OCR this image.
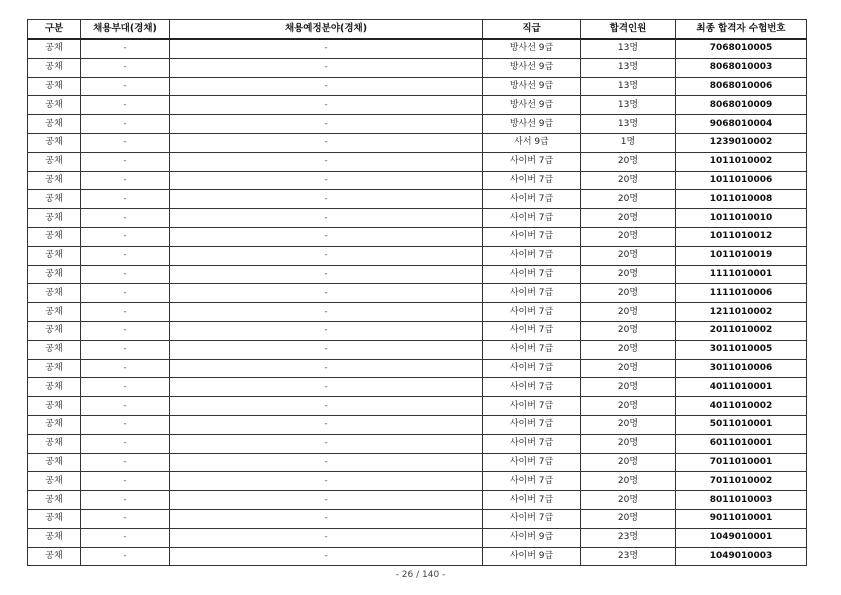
구분	채용부대(경채)	채용예정분야(경채)	직급	합격인원	최종 합격자 수험번호
공채	-	-	방사선 9급	13명	7068010005
공채	-	-	방사선 9급	13명	8068010003
공채	-	-	방사선 9급	13명	8068010006
공채	-	-	방사선 9급	13명	8068010009
공채	-	-	방사선 9급	13명	9068010004
공채	-	-	사서 9급	1명	1239010002
공채	-	-	사이버 7급	20명	1011010002
공채	-	-	사이버 7급	20명	1011010006
공채	-	-	사이버 7급	20명	1011010008
공채	-	-	사이버 7급	20명	1011010010
공채	-	-	사이버 7급	20명	1011010012
공채	-	-	사이버 7급	20명	1011010019
공채	-	-	사이버 7급	20명	1111010001
공채	-	-	사이버 7급	20명	1111010006
공채	-	-	사이버 7급	20명	1211010002
공채	-	-	사이버 7급	20명	2011010002
공채	-	-	사이버 7급	20명	3011010005
공채	-	-	사이버 7급	20명	3011010006
공채	-	-	사이버 7급	20명	4011010001
공채	-	-	사이버 7급	20명	4011010002
공채	-	-	사이버 7급	20명	5011010001
공채	-	-	사이버 7급	20명	6011010001
공채	-	-	사이버 7급	20명	7011010001
공채	-	-	사이버 7급	20명	7011010002
공채	-	-	사이버 7급	20명	8011010003
공채	-	-	사이버 7급	20명	9011010001
공채	-	-	사이버 9급	23명	1049010001
공채	-	-	사이버 9급	23명	1049010003
- 26 / 140 -
